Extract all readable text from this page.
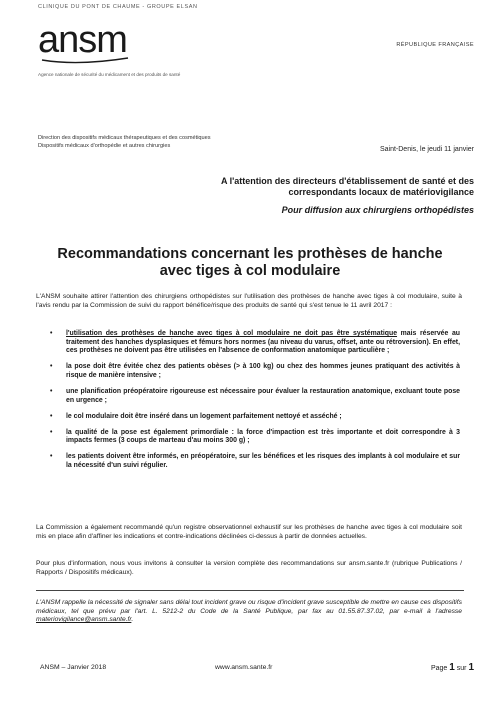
CLINIQUE DU PONT DE CHAUME - GROUPE ELSAN
ansm
Agence nationale de sécurité du médicament et des produits de santé
RÉPUBLIQUE FRANÇAISE
Direction des dispositifs médicaux thérapeutiques et des cosmétiques
Dispositifs médicaux d'orthopédie et autres chirurgies	Saint-Denis, le jeudi 11 janvier
A l'attention des directeurs d'établissement de santé et des correspondants locaux de matériovigilance
Pour diffusion aux chirurgiens orthopédistes
Recommandations concernant les prothèses de hanche
avec tiges à col modulaire
L'ANSM souhaite attirer l'attention des chirurgiens orthopédistes sur l'utilisation des prothèses de hanche avec tiges à col modulaire, suite à l'avis rendu par la Commission de suivi du rapport bénéfice/risque des produits de santé qui s'est tenue le 11 avril 2017 :
• l'utilisation des prothèses de hanche avec tiges à col modulaire ne doit pas être systématique mais réservée au traitement des hanches dysplasiques et fémurs hors normes (au niveau du varus, offset, ante ou rétroversion). En effet, ces prothèses ne doivent pas être utilisées en l'absence de conformation anatomique particulière ;
• la pose doit être évitée chez des patients obèses (> à 100 kg) ou chez des hommes jeunes pratiquant des activités à risque de manière intensive ;
• une planification préopératoire rigoureuse est nécessaire pour évaluer la restauration anatomique, excluant toute pose en urgence ;
• le col modulaire doit être inséré dans un logement parfaitement nettoyé et asséché ;
• la qualité de la pose est également primordiale : la force d'impaction est très importante et doit correspondre à 3 impacts fermes (3 coups de marteau d'au moins 300 g) ;
• les patients doivent être informés, en préopératoire, sur les bénéfices et les risques des implants à col modulaire et sur la nécessité d'un suivi régulier.
La Commission a également recommandé qu'un registre observationnel exhaustif sur les prothèses de hanche avec tiges à col modulaire soit mis en place afin d'affiner les indications et contre-indications déclinées ci-dessus à partir de données actuelles.
Pour plus d'information, nous vous invitons à consulter la version complète des recommandations sur ansm.sante.fr (rubrique Publications / Rapports / Dispositifs médicaux).
L'ANSM rappelle la nécessité de signaler sans délai tout incident grave ou risque d'incident grave susceptible de mettre en cause ces dispositifs médicaux, tel que prévu par l'art. L. 5212-2 du Code de la Santé Publique, par fax au 01.55.87.37.02, par e-mail à l'adresse materiovigilance@ansm.sante.fr.
ANSM – Janvier 2018	www.ansm.sante.fr	Page 1 sur 1
